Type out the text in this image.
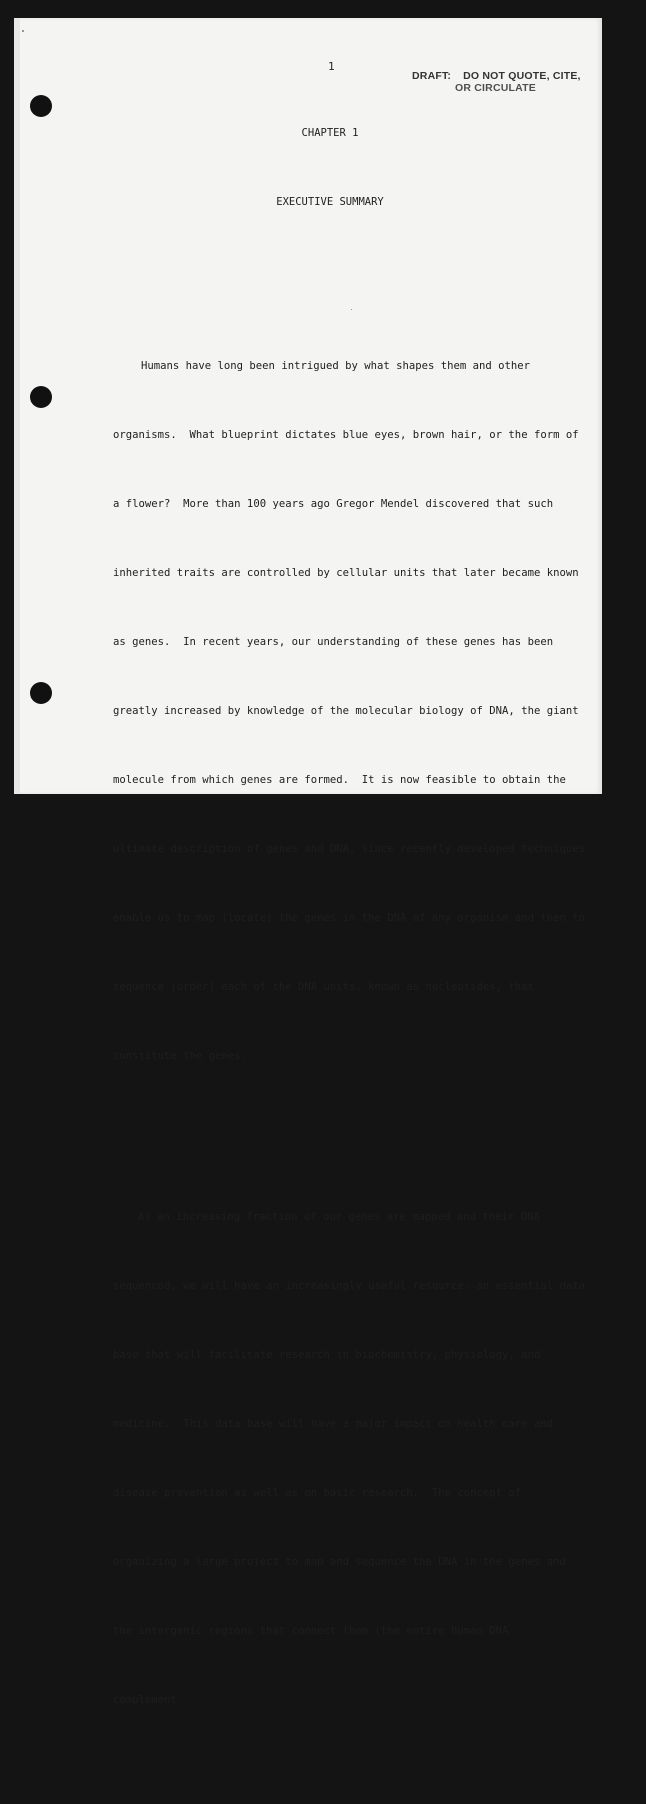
1
DRAFT: DO NOT QUOTE, CITE,
OR CIRCULATE
CHAPTER 1
EXECUTIVE SUMMARY

Humans have long been intrigued by what shapes them and other

organisms.  What blueprint dictates blue eyes, brown hair, or the form of

a flower?  More than 100 years ago Gregor Mendel discovered that such

inherited traits are controlled by cellular units that later became known

as genes.  In recent years, our understanding of these genes has been

greatly increased by knowledge of the molecular biology of DNA, the giant

molecule from which genes are formed.  It is now feasible to obtain the

ultimate description of genes and DNA, since recently developed techniques

enable us to map (locate) the genes in the DNA of any organism and then to

sequence (order) each of the DNA units, known as nucleotides, that

constitute the genes.

As an increasing fraction of our genes are mapped and their DNA

sequenced, we will have an increasingly useful resource--an essential data

base that will facilitate research in biochemistry, physiology, and

medicine.  This data base will have a major impact on health care and

disease prevention as well as on basic research.  The concept of

organizing a large project to map and sequence the DNA in the genes and

the intergenic regions that connect them (the entire human DNA

complement
